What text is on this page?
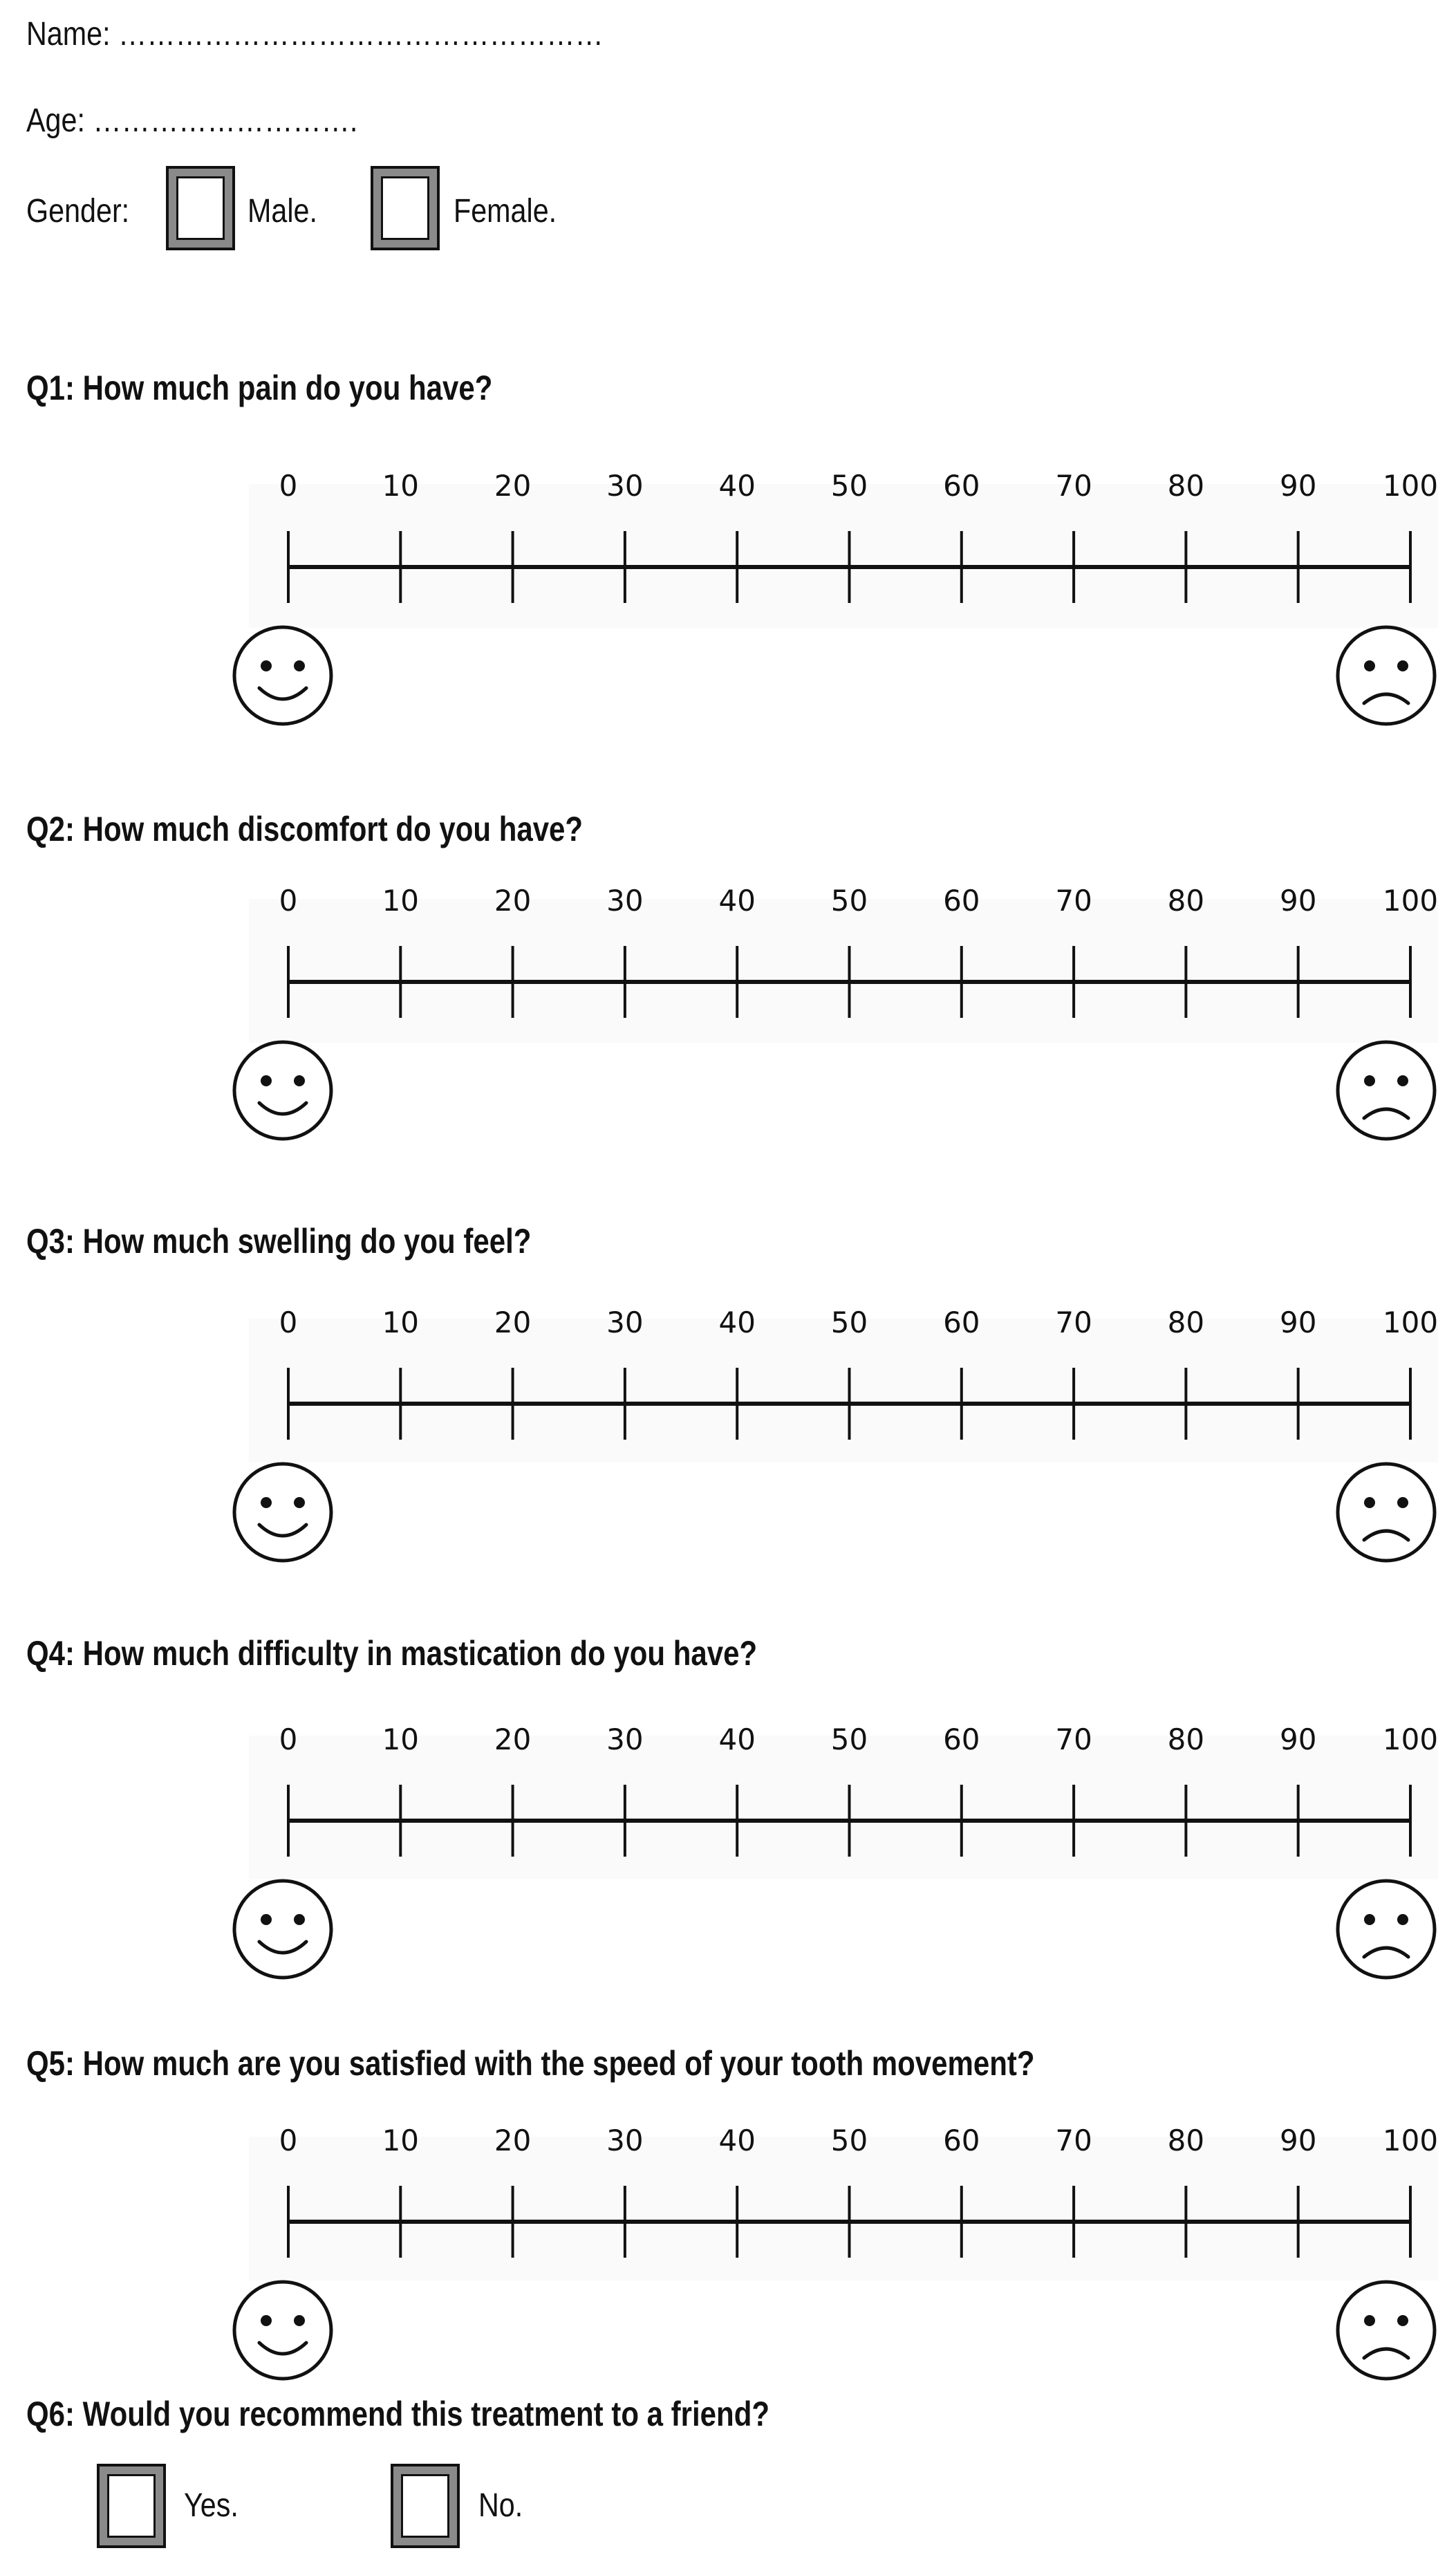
Name: ……………………………………………
Age: ……………………….
Gender:	Male.	Female.
Q1: How much pain do you have?
Q2: How much discomfort do you have?
Q3: How much swelling do you feel?
Q4: How much difficulty in mastication do you have?
Q5: How much are you satisfied with the speed of your tooth movement?
0	10	20	30	40	50	60	70	80	90 100
0	10	20	30	40	50	60	70	80	90 100
0	10	20	30	40	50	60	70	80	90 100
0	10	20	30	40	50	60	70	80	90 100
0	10	20	30	40	50	60	70	80	90 100
Q6: Would you recommend this treatment to a friend?
Yes.	No.
